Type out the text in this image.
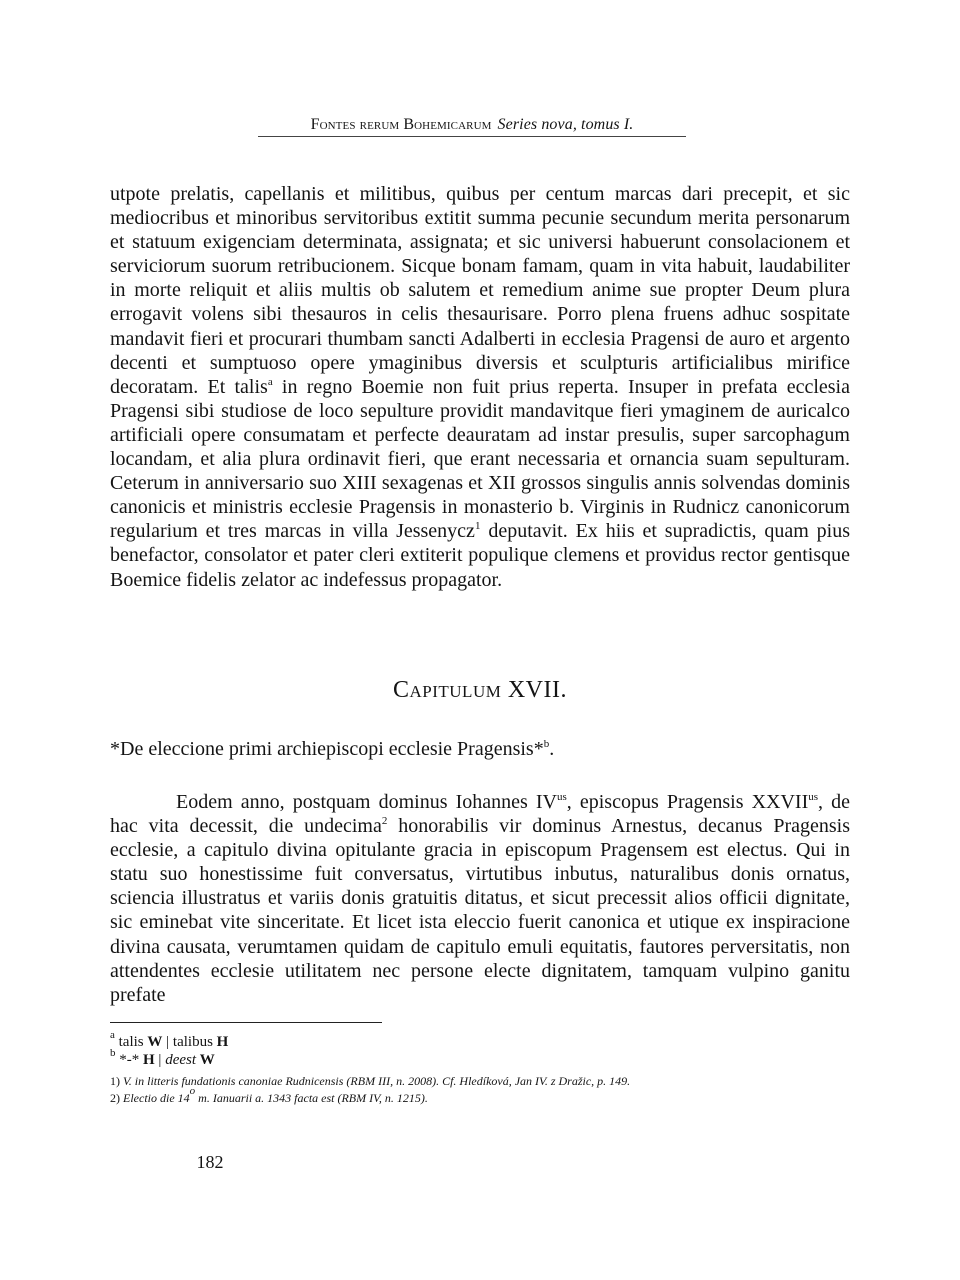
Fontes rerum Bohemicarum Series nova, tomus I.

utpote prelatis, capellanis et militibus, quibus per centum marcas dari precepit, et sic mediocribus et minoribus servitoribus extitit summa pecunie secundum merita personarum et statuum exigenciam determinata, assignata; et sic universi habuerunt consolacionem et serviciorum suorum retribucionem. Sicque bonam famam, quam in vita habuit, laudabiliter in morte reliquit et aliis multis ob salutem et remedium anime sue propter Deum plura errogavit volens sibi thesauros in celis thesaurisare. Porro plena fruens adhuc sospitate mandavit fieri et procurari thumbam sancti Adalberti in ecclesia Pragensi de auro et argento decenti et sumptuoso opere ymaginibus diversis et sculpturis artificialibus mirifice decoratam. Et talis$^a$ in regno Boemie non fuit prius reperta. Insuper in prefata ecclesia Pragensi sibi studiose de loco sepulture providit mandavitque fieri ymaginem de auricalco artificiali opere consumatam et perfecte deauratam ad instar presulis, super sarcophagum locandam, et alia plura ordinavit fieri, que erant necessaria et ornancia suam sepulturam. Ceterum in anniversario suo XIII sexagenas et XII grossos singulis annis solvendas dominis canonicis et ministris ecclesie Pragensis in monasterio b. Virginis in Rudnicz canonicorum regularium et tres marcas in villa Jessenycz$^1$ deputavit. Ex hiis et supradictis, quam pius benefactor, consolator et pater cleri extiterit populique clemens et providus rector gentisque Boemice fidelis zelator ac indefessus propagator.

Capitulum XVII.
*De eleccione primi archiepiscopi ecclesie Pragensis*$^b$.

Eodem anno, postquam dominus Iohannes $IV^{us}$, episcopus Pragensis $XXVII^{us}$, de hac vita decessit, die undecima$^2$ honorabilis vir dominus Arnestus, decanus Pragensis ecclesie, a capitulo divina opitulante gracia in episcopum Pragensem est electus. Qui in statu suo honestissime fuit conversatus, virtutibus inbutus, naturalibus donis ornatus, sciencia illustratus et variis donis gratuitis ditatus, et sicut precessit alios officii dignitate, sic eminebat vite sinceritate. Et licet ista eleccio fuerit canonica et utique ex inspiracione divina causata, verumtamen quidam de capitulo emuli equitatis, fautores perversitatis, non attendentes ecclesie utilitatem nec persone electe dignitatem, tamquam vulpino ganitu prefate

$^a$ talis W | talibus H
$^b$ *-* H | deest W
1) V. in litteris fundationis canoniae Rudnicensis (RBM III, n. 2008). Cf. Hledíková, Jan IV. z Dražic, p. 149.
2) Electio die 14$^o$ m. Ianuarii a. 1343 facta est (RBM IV, n. 1215).
182
